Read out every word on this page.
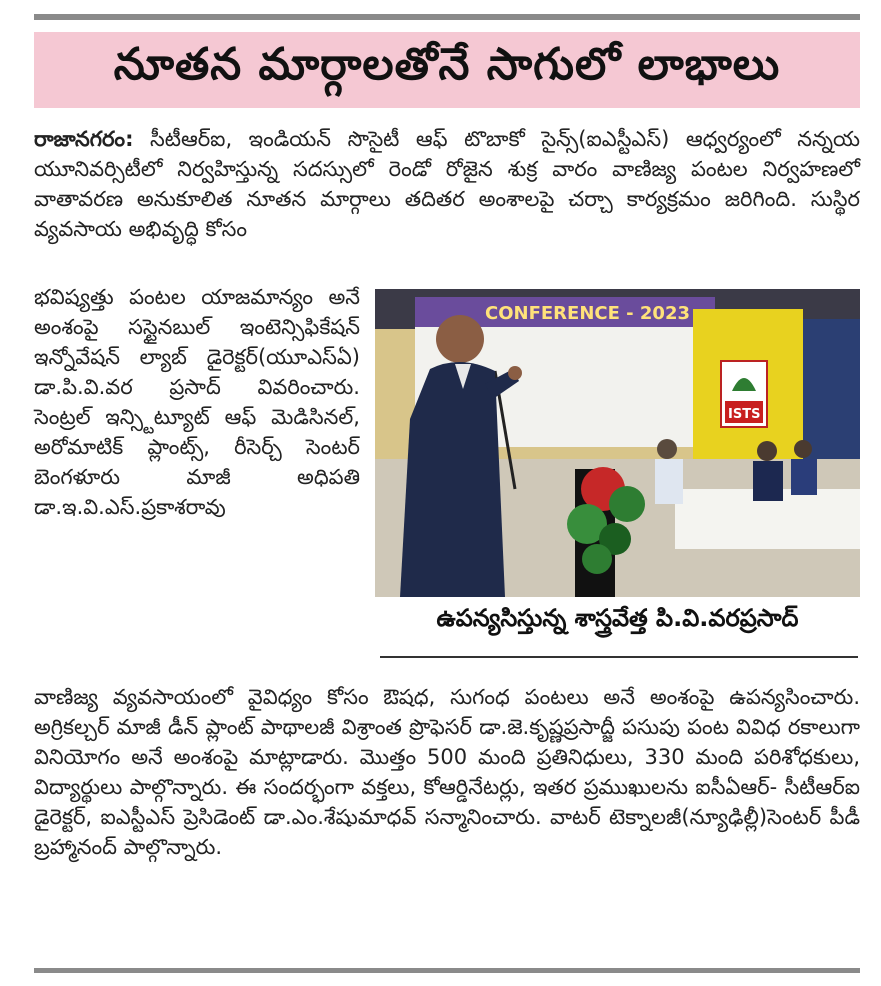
నూతన మార్గాలతోనే సాగులో లాభాలు
రాజానగరం: సీటీఆర్ఐ, ఇండియన్ సొసైటీ ఆఫ్ టొబాకో సైన్స్(ఐఎస్టీఎస్) ఆధ్వర్యంలో నన్నయ యూనివర్సిటీలో నిర్వహిస్తున్న సదస్సులో రెండో రోజైన శుక్ర వారం వాణిజ్య పంటల నిర్వహణలో వాతావరణ అనుకూలిత నూతన మార్గాలు తదితర అంశాలపై చర్చా కార్యక్రమం జరిగింది. సుస్థిర వ్యవసాయ అభివృద్ధి కోసం
భవిష్యత్తు పంటల యాజమాన్యం అనే అంశంపై సస్టైనబుల్ ఇంటెన్సిఫికేషన్ ఇన్నోవేషన్ ల్యాబ్ డైరెక్టర్(యూఎస్ఏ) డా.పి.వి.వర ప్రసాద్ వివరించారు. సెంట్రల్ ఇన్స్టిట్యూట్ ఆఫ్ మెడిసినల్, అరోమాటిక్ ప్లాంట్స్, రీసెర్చ్ సెంటర్ బెంగళూరు మాజీ అధిపతి డా.ఇ.వి.ఎస్.ప్రకాశరావు
CONFERENCE - 2023
ISTS
ఉపన్యసిస్తున్న శాస్త్రవేత్త పి.వి.వరప్రసాద్
వాణిజ్య వ్యవసాయంలో వైవిధ్యం కోసం ఔషధ, సుగంధ పంటలు అనే అంశంపై ఉపన్యసించారు. అగ్రికల్చర్ మాజీ డీన్ ప్లాంట్ పాథాలజీ విశ్రాంత ప్రొఫెసర్ డా.జె.కృష్ణప్రసాద్జీ పసుపు పంట వివిధ రకాలుగా వినియోగం అనే అంశంపై మాట్లాడారు. మొత్తం 500 మంది ప్రతినిధులు, 330 మంది పరిశోధకులు, విద్యార్థులు పాల్గొన్నారు. ఈ సందర్భంగా వక్తలు, కోఆర్డినేటర్లు, ఇతర ప్రముఖులను ఐసీఏఆర్- సీటీఆర్ఐ డైరెక్టర్, ఐఎస్టీఎస్ ప్రెసిడెంట్ డా.ఎం.శేషుమాధవ్ సన్మానించారు. వాటర్ టెక్నాలజీ(న్యూఢిల్లీ)సెంటర్ పీడీ బ్రహ్మానంద్ పాల్గొన్నారు.
